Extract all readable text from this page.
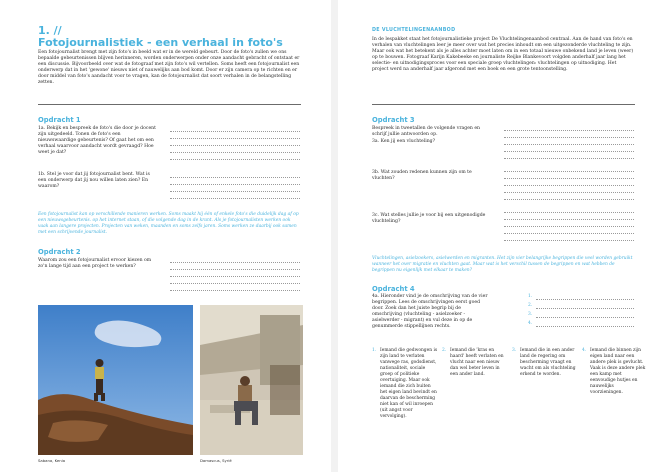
1. //
Fotojournalistiek - een verhaal in foto's
Een fotojournalist brengt met zijn foto's in beeld wat er in de wereld gebeurt. Door de foto's zullen we ons bepaalde gebeurtenissen blijven herinneren, worden onderwerpen onder onze aandacht gebracht of ontstaat er een discussie. Bijvoorbeeld over wat de fotograaf met zijn foto's wil vertellen. Soms heeft een fotojournalist een onderwerp dat in het 'gewone' nieuws niet of nauwelijks aan bod komt. Door er zijn camera op te richten en er door middel van foto's aandacht voor te vragen, kan de fotojournalist dat soort verhalen in de belangstelling zetten.
Opdracht 1
1a. Bekijk en bespreek de foto's die door je docent zijn uitgedeeld. Tonen de foto's een nieuwswaardige gebeurtenis? Of gaat het om een verhaal waarvoor aandacht wordt gevraagd? Hoe weet je dat?
1b. Stel je voor dat jij fotojournalist bent. Wat is een onderwerp dat jij nou willen laten zien? En waarom?
Een fotojournalist kan op verschillende manieren werken. Soms maakt hij één of enkele foto's die duidelijk dag af op een nieuwsgebeurtenis. op het internet staan, of die volgende dag in de krant. Als je fotojournalisten werken ook vaak aan langere projecten. Projecten van weken, maanden en soms zelfs jaren. Soms werken ze daarbij ook samen met een schrijvende journalist.
Opdracht 2
Waarom zou een fotojournalist ervoor kiezen om zo'n lange tijd aan een project te werken?
Sabana, Kenia	Damascus, Syrië
DE VLUCHTELINGENAANBOD
In de lespakket staat het fotojournalistieke project De Vluchtelingenaanbod centraal. Aan de hand van foto's en verhalen van vluchtelingen leer je meer over wat het precies inhoudt om een uitgezonderde vluchteling te zijn. Maar ook wat het betekent als je alles achter moet laten om in een totaal nieuwe onbekend land je leven (weer) op te bouwen. Fotograaf Karijn Kakebeeke en journaliste Reijke Blankevoort volgden anderhalf jaar lang het selectie- en uitnodigingsproces voor een speciale groep vluchtelingen: vluchtelingen op uitnodiging. Het project werd na anderhalf jaar afgerond met een boek en een grote tentoonstelling.
Opdracht 3
Bespreek in tweetallen de volgende vragen en schrijf jullie antwoorden op.
3a. Ken jij een vluchteling?
3b. Wat zouden redenen kunnen zijn om te vluchten?
3c. Wat stelles jullie je voor bij een uitgenodigde vluchteling?
Vluchtelingen, asielzoekers, asielwerden en migranten. Het zijn vier belangrijke begrippen die veel worden gebruikt wanneer het over migratie en vluchten gaat. Maar wat is het verschil tussen de begrippen en wat hebben de begrippen nu eigenlijk met elkaar te maken?
Opdracht 4
4a. Hieronder vind je de omschrijving van de vier begrippen. Lees de omschrijvingen eerst goed door. Zoek dan het juiste begrip bij de omschrijving (vluchteling - asielzoeker - asielwerder - migrant) en vul deze in op de genummerde stippellijnen rechts.
1.
2.
3.
4.
1. Iemand die gedwongen is zijn land te verlaten vanwege ras, godsdienst, nationaliteit, sociale groep of politieke overtuiging. Maar ook iemand die zich buiten het eigen land bevindt en daarvan de bescherming niet kan of wil inroepen (uit angst voor vervolging).
2. Iemand die 'kras en haard' heeft verlaten en vlucht naar een nieuw dan wel beter leven in een ander land.
3. Iemand die in een ander land de regering om bescherming vraagt en wacht om als vluchteling erkend te worden.
4. Iemand die binnen zijn eigen land naar een andere plek is gevlucht. Vaak is deze andere plek een kamp met eenvoudige hutjes en nauwelijks voorzieningen.
